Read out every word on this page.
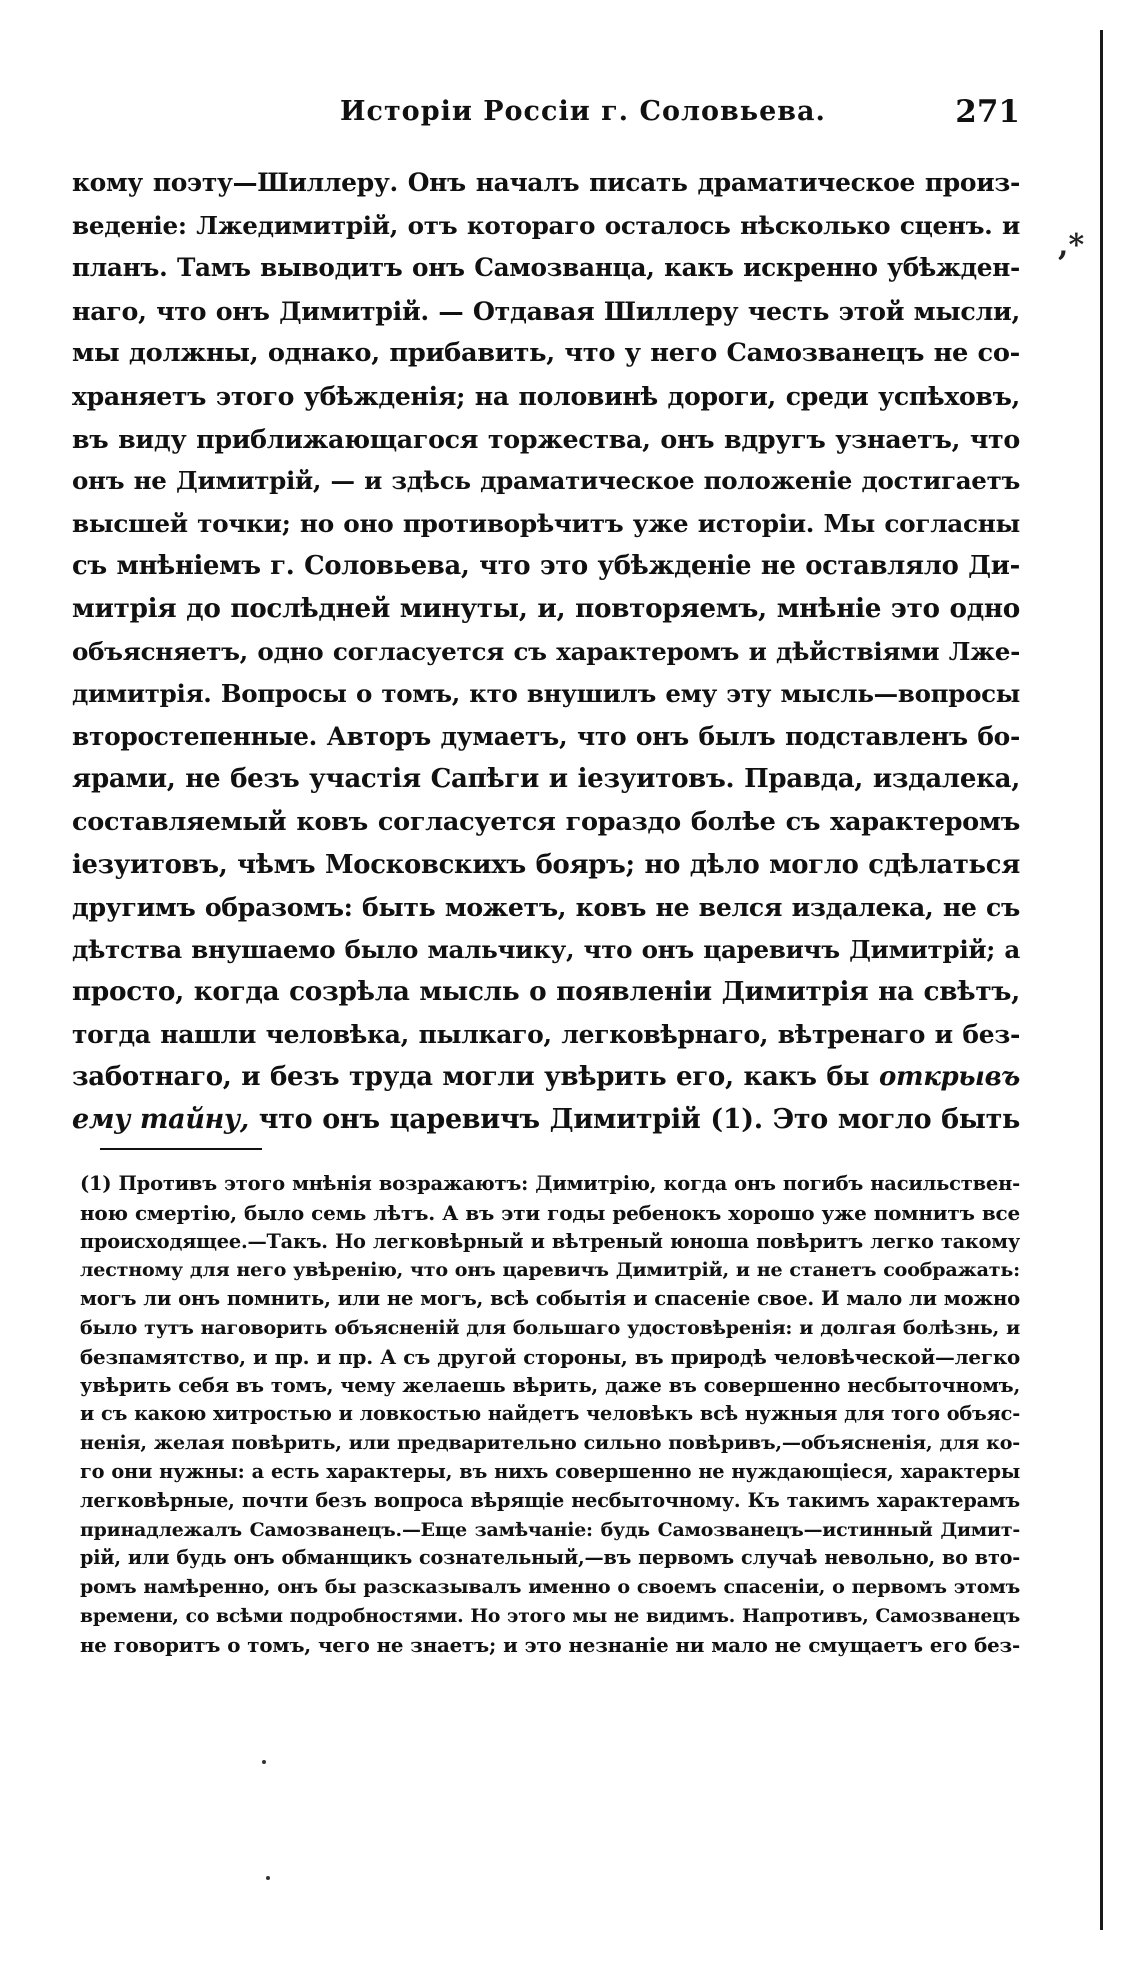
,*
Исторіи Россіи г. Соловьева.	271
кому поэту—Шиллеру. Онъ началъ писать драматическое произ-
веденіе: Лжедимитрій, отъ котораго осталось нѣсколько сценъ. и
планъ. Тамъ выводитъ онъ Самозванца, какъ искренно убѣжден-
наго, что онъ Димитрій. — Отдавая Шиллеру честь этой мысли,
мы должны, однако, прибавить, что у него Самозванецъ не со-
храняетъ этого убѣжденія; на половинѣ дороги, среди успѣховъ,
въ виду приближающагося торжества, онъ вдругъ узнаетъ, что
онъ не Димитрій, — и здѣсь драматическое положеніе достигаетъ
высшей точки; но оно противорѣчитъ уже исторіи. Мы согласны
съ мнѣніемъ г. Соловьева, что это убѣжденіе не оставляло Ди-
митрія до послѣдней минуты, и, повторяемъ, мнѣніе это одно
объясняетъ, одно согласуется съ характеромъ и дѣйствіями Лже-
димитрія. Вопросы о томъ, кто внушилъ ему эту мысль—вопросы
второстепенные. Авторъ думаетъ, что онъ былъ подставленъ бо-
ярами, не безъ участія Сапѣги и іезуитовъ. Правда, издалека,
составляемый ковъ согласуется гораздо болѣе съ характеромъ
іезуитовъ, чѣмъ Московскихъ бояръ; но дѣло могло сдѣлаться
другимъ образомъ: быть можетъ, ковъ не велся издалека, не съ
дѣтства внушаемо было мальчику, что онъ царевичъ Димитрій; а
просто, когда созрѣла мысль о появленіи Димитрія на свѣтъ,
тогда нашли человѣка, пылкаго, легковѣрнаго, вѣтренаго и без-
заботнаго, и безъ труда могли увѣрить его, какъ бы открывъ
ему тайну, что онъ царевичъ Димитрій (1). Это могло быть
(1) Противъ этого мнѣнія возражаютъ: Димитрію, когда онъ погибъ насильствен-
ною смертію, было семь лѣтъ. А въ эти годы ребенокъ хорошо уже помнитъ все
происходящее.—Такъ. Но легковѣрный и вѣтреный юноша повѣритъ легко такому
лестному для него увѣренію, что онъ царевичъ Димитрій, и не станетъ соображать:
могъ ли онъ помнить, или не могъ, всѣ событія и спасеніе свое. И мало ли можно
было тутъ наговорить объясненій для большаго удостовѣренія: и долгая болѣзнь, и
безпамятство, и пр. и пр. А съ другой стороны, въ природѣ человѣческой—легко
увѣрить себя въ томъ, чему желаешь вѣрить, даже въ совершенно несбыточномъ,
и съ какою хитростью и ловкостью найдетъ человѣкъ всѣ нужныя для того объяс-
ненія, желая повѣрить, или предварительно сильно повѣривъ,—объясненія, для ко-
го они нужны: а есть характеры, въ нихъ совершенно не нуждающіеся, характеры
легковѣрные, почти безъ вопроса вѣрящіе несбыточному. Къ такимъ характерамъ
принадлежалъ Самозванецъ.—Еще замѣчаніе: будь Самозванецъ—истинный Димит-
рій, или будь онъ обманщикъ сознательный,—въ первомъ случаѣ невольно, во вто-
ромъ намѣренно, онъ бы разсказывалъ именно о своемъ спасеніи, о первомъ этомъ
времени, со всѣми подробностями. Но этого мы не видимъ. Напротивъ, Самозванецъ
не говоритъ о томъ, чего не знаетъ; и это незнаніе ни мало не смущаетъ его без-
